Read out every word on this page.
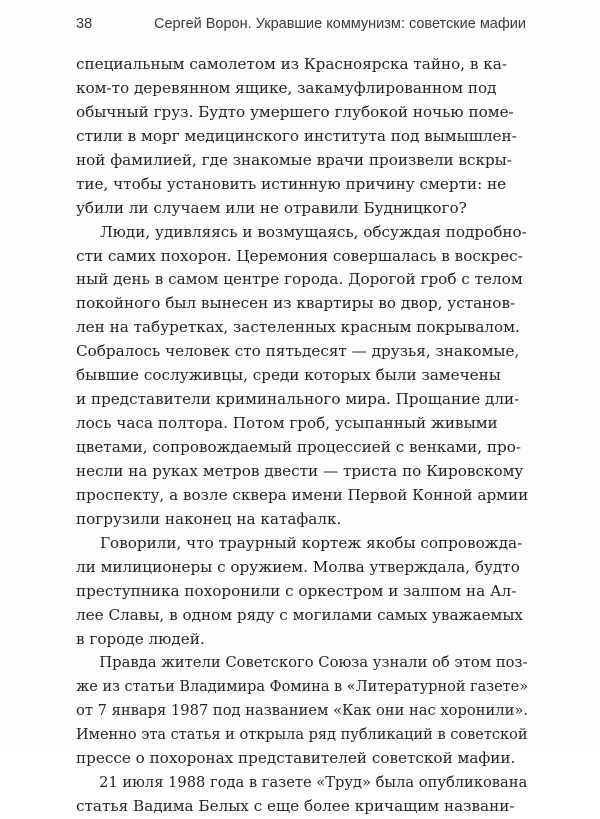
38	Сергей Ворон. Укравшие коммунизм: советские мафии
специальным самолетом из Красноярска тайно, в ка-
ком-то деревянном ящике, закамуфлированном под
обычный груз. Будто умершего глубокой ночью поме-
стили в морг медицинского института под вымышлен-
ной фамилией, где знакомые врачи произвели вскры-
тие, чтобы установить истинную причину смерти: не
убили ли случаем или не отравили Будницкого?
Люди, удивляясь и возмущаясь, обсуждая подробно-
сти самих похорон. Церемония совершалась в воскрес-
ный день в самом центре города. Дорогой гроб с телом
покойного был вынесен из квартиры во двор, установ-
лен на табуретках, застеленных красным покрывалом.
Собралось человек сто пятьдесят — друзья, знакомые,
бывшие сослуживцы, среди которых были замечены
и представители криминального мира. Прощание дли-
лось часа полтора. Потом гроб, усыпанный живыми
цветами, сопровождаемый процессией с венками, про-
несли на руках метров двести — триста по Кировскому
проспекту, а возле сквера имени Первой Конной армии
погрузили наконец на катафалк.
Говорили, что траурный кортеж якобы сопровожда-
ли милиционеры с оружием. Молва утверждала, будто
преступника похоронили с оркестром и залпом на Ал-
лее Славы, в одном ряду с могилами самых уважаемых
в городе людей.
Правда жители Советского Союза узнали об этом поз-
же из статьи Владимира Фомина в «Литературной газете»
от 7 января 1987 под названием «Как они нас хоронили».
Именно эта статья и открыла ряд публикаций в советской
прессе о похоронах представителей советской мафии.
21 июля 1988 года в газете «Труд» была опубликована
статья Вадима Белых с еще более кричащим названи-
